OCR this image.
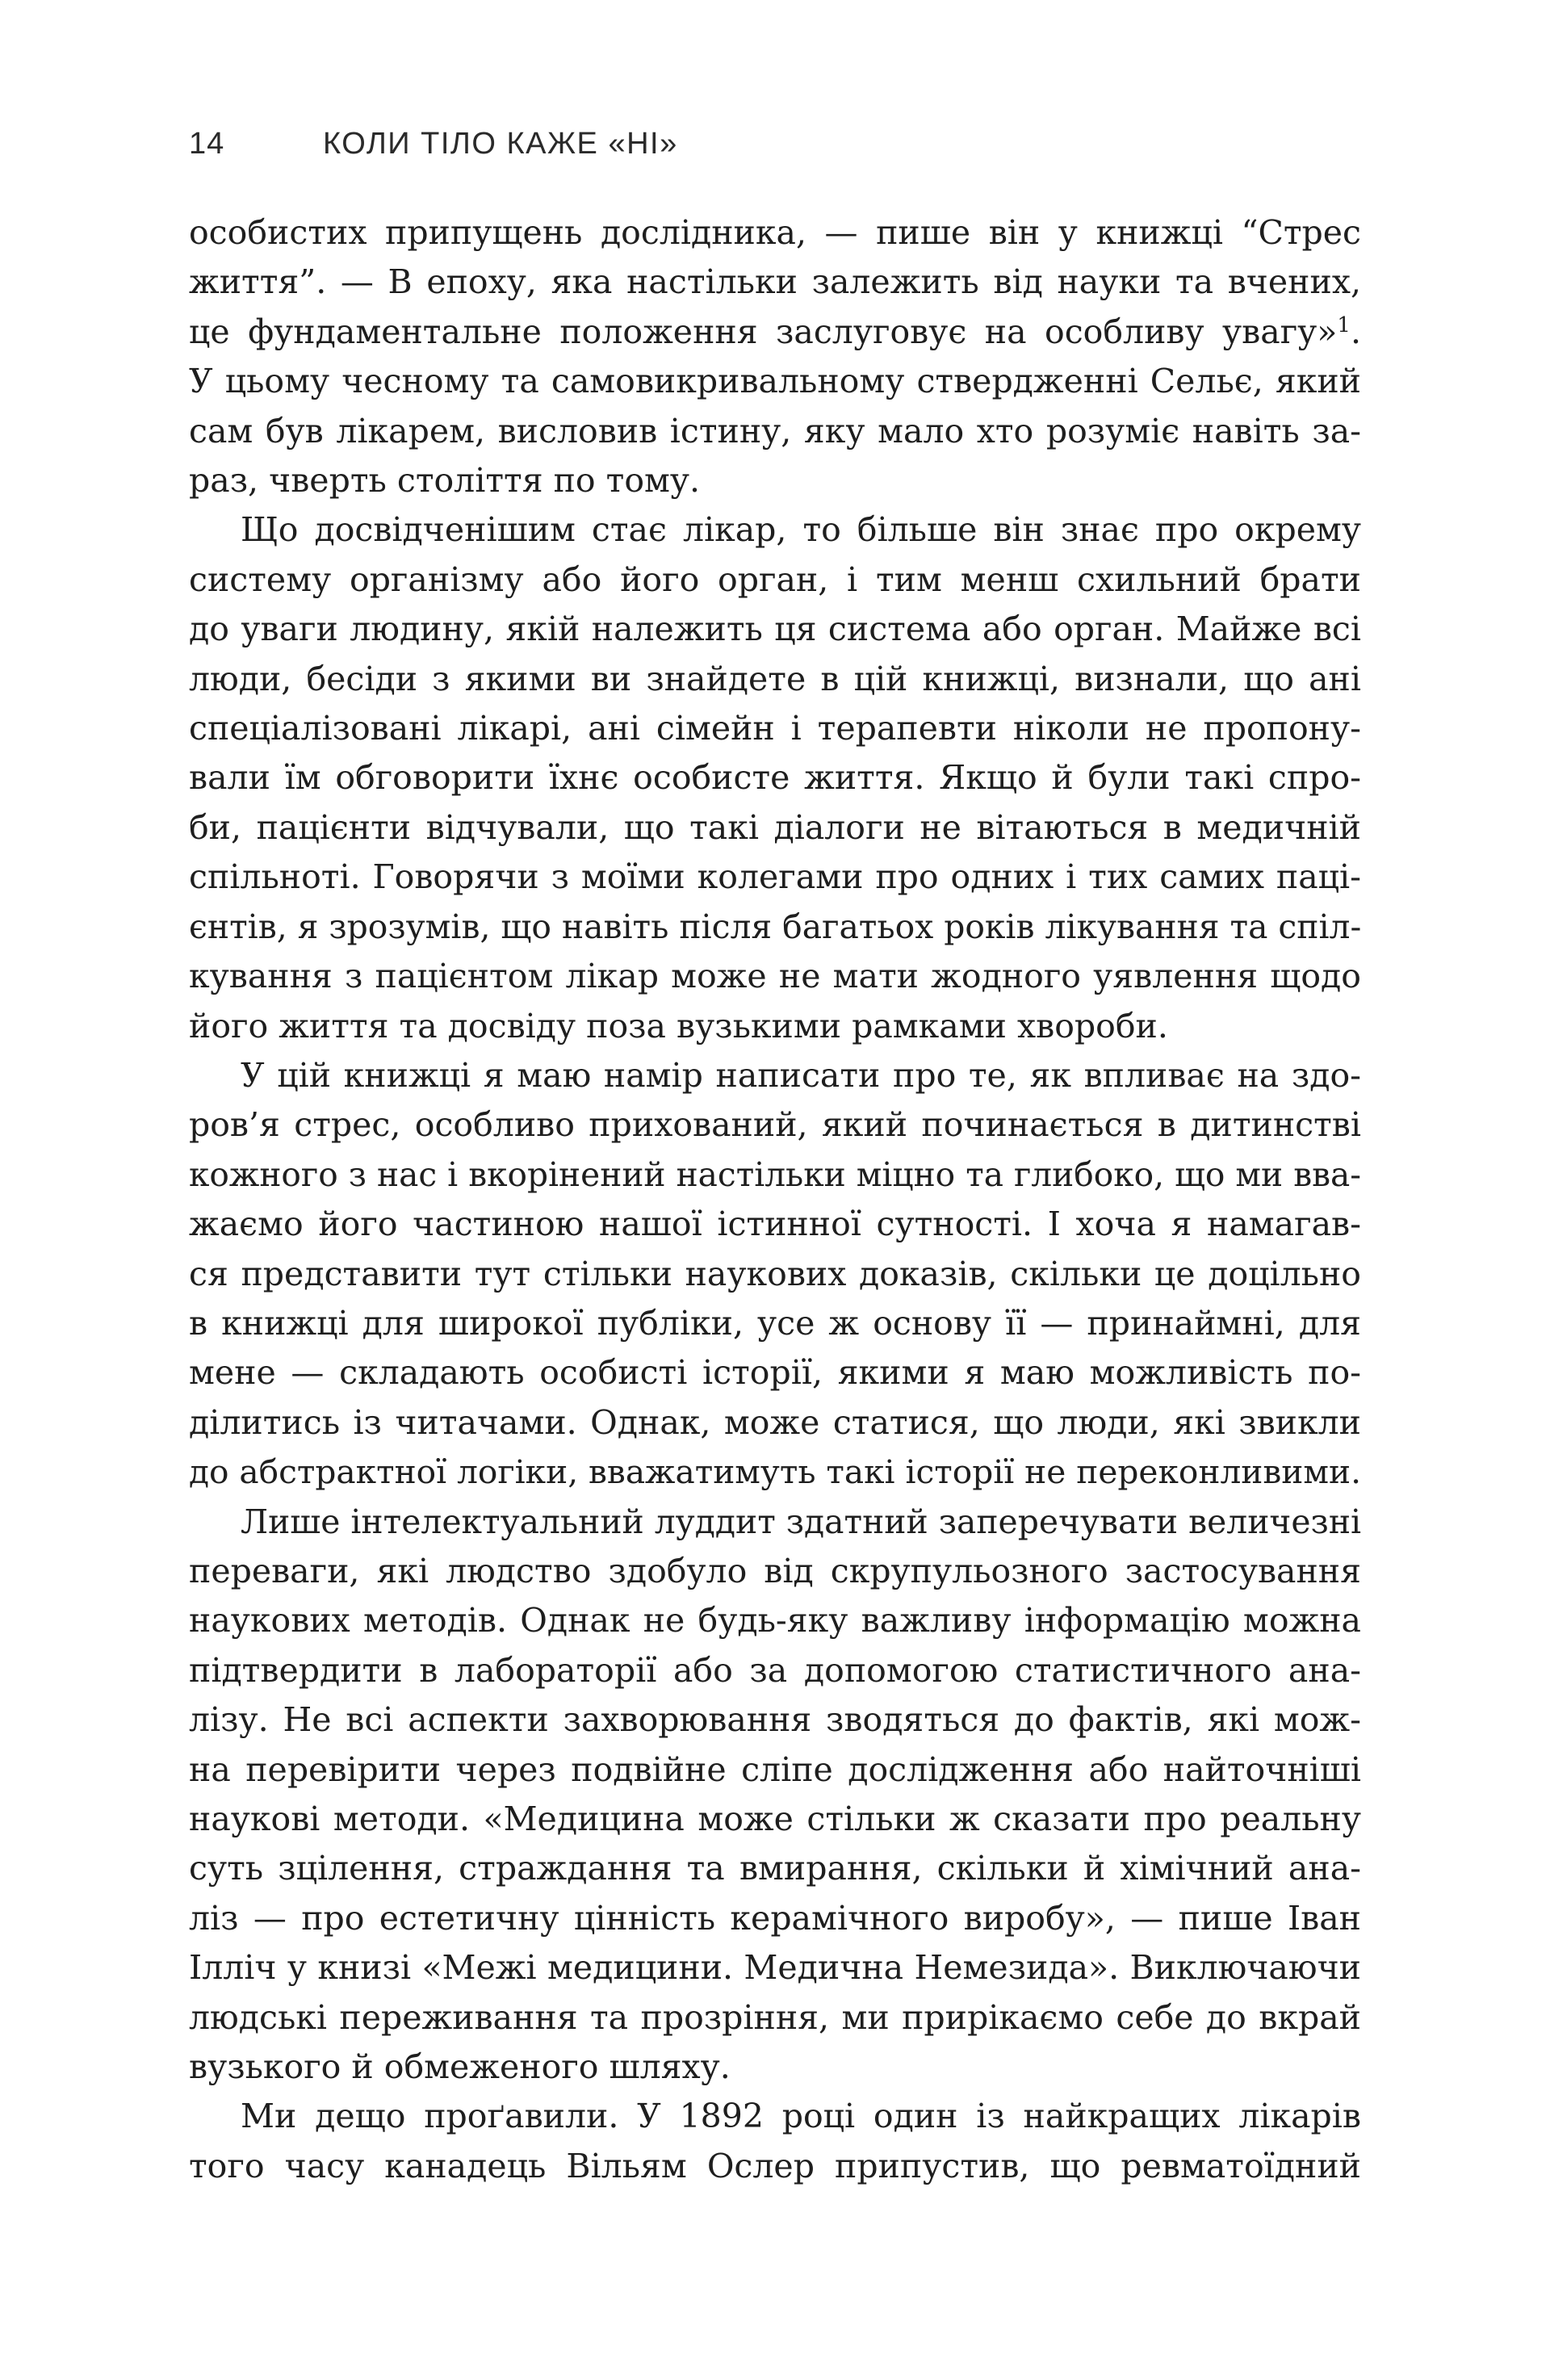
14	КОЛИ ТІЛО КАЖЕ «НІ»

особистих припущень дослідника, — пише він у книжці “Стрес
життя”. — В епоху, яка настільки залежить від науки та вчених,
це фундаментальне положення заслуговує на особливу увагу»$^1$.
У цьому чесному та самовикривальному ствердженні Сельє, який
сам був лікарем, висловив істину, яку мало хто розуміє навіть за-
раз, чверть століття по тому.

Що досвідченішим стає лікар, то більше він знає про окрему
систему організму або його орган, і тим менш схильний брати
до уваги людину, якій належить ця система або орган. Майже всі
люди, бесіди з якими ви знайдете в цій книжці, визнали, що ані
спеціалізовані лікарі, ані сімейн і терапевти ніколи не пропону-
вали їм обговорити їхнє особисте життя. Якщо й були такі спро-
би, пацієнти відчували, що такі діалоги не вітаються в медичній
спільноті. Говорячи з моїми колегами про одних і тих самих паці-
єнтів, я зрозумів, що навіть після багатьох років лікування та спіл-
кування з пацієнтом лікар може не мати жодного уявлення щодо
його життя та досвіду поза вузькими рамками хвороби.

У цій книжці я маю намір написати про те, як впливає на здо-
ров’я стрес, особливо прихований, який починається в дитинстві
кожного з нас і вкорінений настільки міцно та глибоко, що ми вва-
жаємо його частиною нашої істинної сутності. І хоча я намагав-
ся представити тут стільки наукових доказів, скільки це доцільно
в книжці для широкої публіки, усе ж основу її — принаймні, для
мене — складають особисті історії, якими я маю можливість по-
ділитись із читачами. Однак, може статися, що люди, які звикли
до абстрактної логіки, вважатимуть такі історії не переконливими.

Лише інтелектуальний луддит здатний заперечувати величезні
переваги, які людство здобуло від скрупульозного застосування
наукових методів. Однак не будь-яку важливу інформацію можна
підтвердити в лабораторії або за допомогою статистичного ана-
лізу. Не всі аспекти захворювання зводяться до фактів, які мож-
на перевірити через подвійне сліпе дослідження або найточніші
наукові методи. «Медицина може стільки ж сказати про реальну
суть зцілення, страждання та вмирання, скільки й хімічний ана-
ліз — про естетичну цінність керамічного виробу», — пише Іван
Ілліч у книзі «Межі медицини. Медична Немезида». Виключаючи
людські переживання та прозріння, ми прирікаємо себе до вкрай
вузького й обмеженого шляху.

Ми дещо проґавили. У 1892 році один із найкращих лікарів
того часу канадець Вільям Ослер припустив, що ревматоїдний
